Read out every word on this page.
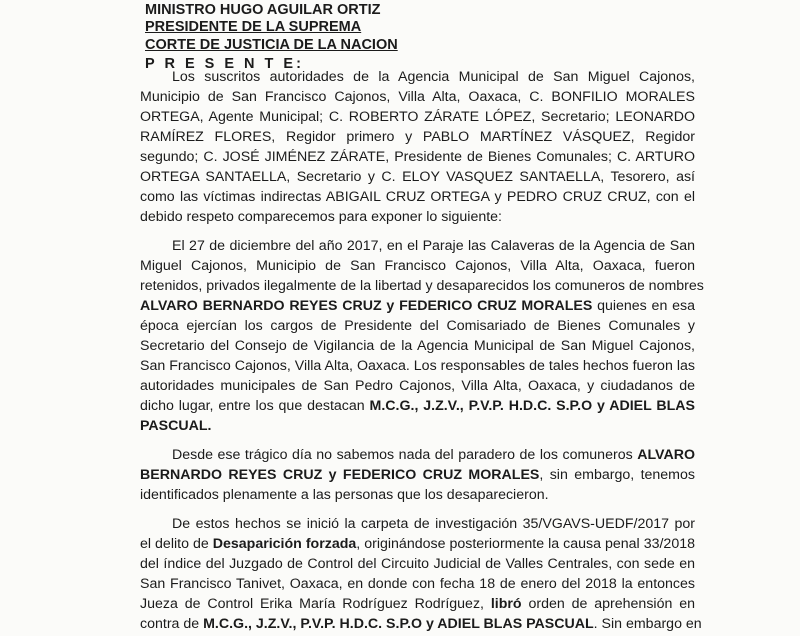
MINISTRO HUGO AGUILAR ORTIZ
PRESIDENTE DE LA SUPREMA
CORTE DE JUSTICIA DE LA NACION
P R E S E N T E:
Los suscritos autoridades de la Agencia Municipal de San Miguel Cajonos,
Municipio de San Francisco Cajonos, Villa Alta, Oaxaca, C. BONFILIO MORALES
ORTEGA, Agente Municipal; C. ROBERTO ZÁRATE LÓPEZ, Secretario; LEONARDO
RAMÍREZ FLORES, Regidor primero y PABLO MARTÍNEZ VÁSQUEZ, Regidor
segundo; C. JOSÉ JIMÉNEZ ZÁRATE, Presidente de Bienes Comunales; C. ARTURO
ORTEGA SANTAELLA, Secretario y C. ELOY VASQUEZ SANTAELLA, Tesorero, así
como las víctimas indirectas ABIGAIL CRUZ ORTEGA y PEDRO CRUZ CRUZ, con el
debido respeto comparecemos para exponer lo siguiente:
El 27 de diciembre del año 2017, en el Paraje las Calaveras de la Agencia de San
Miguel Cajonos, Municipio de San Francisco Cajonos, Villa Alta, Oaxaca, fueron
retenidos, privados ilegalmente de la libertad y desaparecidos los comuneros de nombres
ALVARO BERNARDO REYES CRUZ y FEDERICO CRUZ MORALES quienes en esa
época ejercían los cargos de Presidente del Comisariado de Bienes Comunales y
Secretario del Consejo de Vigilancia de la Agencia Municipal de San Miguel Cajonos,
San Francisco Cajonos, Villa Alta, Oaxaca. Los responsables de tales hechos fueron las
autoridades municipales de San Pedro Cajonos, Villa Alta, Oaxaca, y ciudadanos de
dicho lugar, entre los que destacan M.C.G., J.Z.V., P.V.P. H.D.C. S.P.O y ADIEL BLAS
PASCUAL.
Desde ese trágico día no sabemos nada del paradero de los comuneros ALVARO
BERNARDO REYES CRUZ y FEDERICO CRUZ MORALES, sin embargo, tenemos
identificados plenamente a las personas que los desaparecieron.
De estos hechos se inició la carpeta de investigación 35/VGAVS-UEDF/2017 por
el delito de Desaparición forzada, originándose posteriormente la causa penal 33/2018
del índice del Juzgado de Control del Circuito Judicial de Valles Centrales, con sede en
San Francisco Tanivet, Oaxaca, en donde con fecha 18 de enero del 2018 la entonces
Jueza de Control Erika María Rodríguez Rodríguez, libró orden de aprehensión en
contra de M.C.G., J.Z.V., P.V.P. H.D.C. S.P.O y ADIEL BLAS PASCUAL. Sin embargo en
